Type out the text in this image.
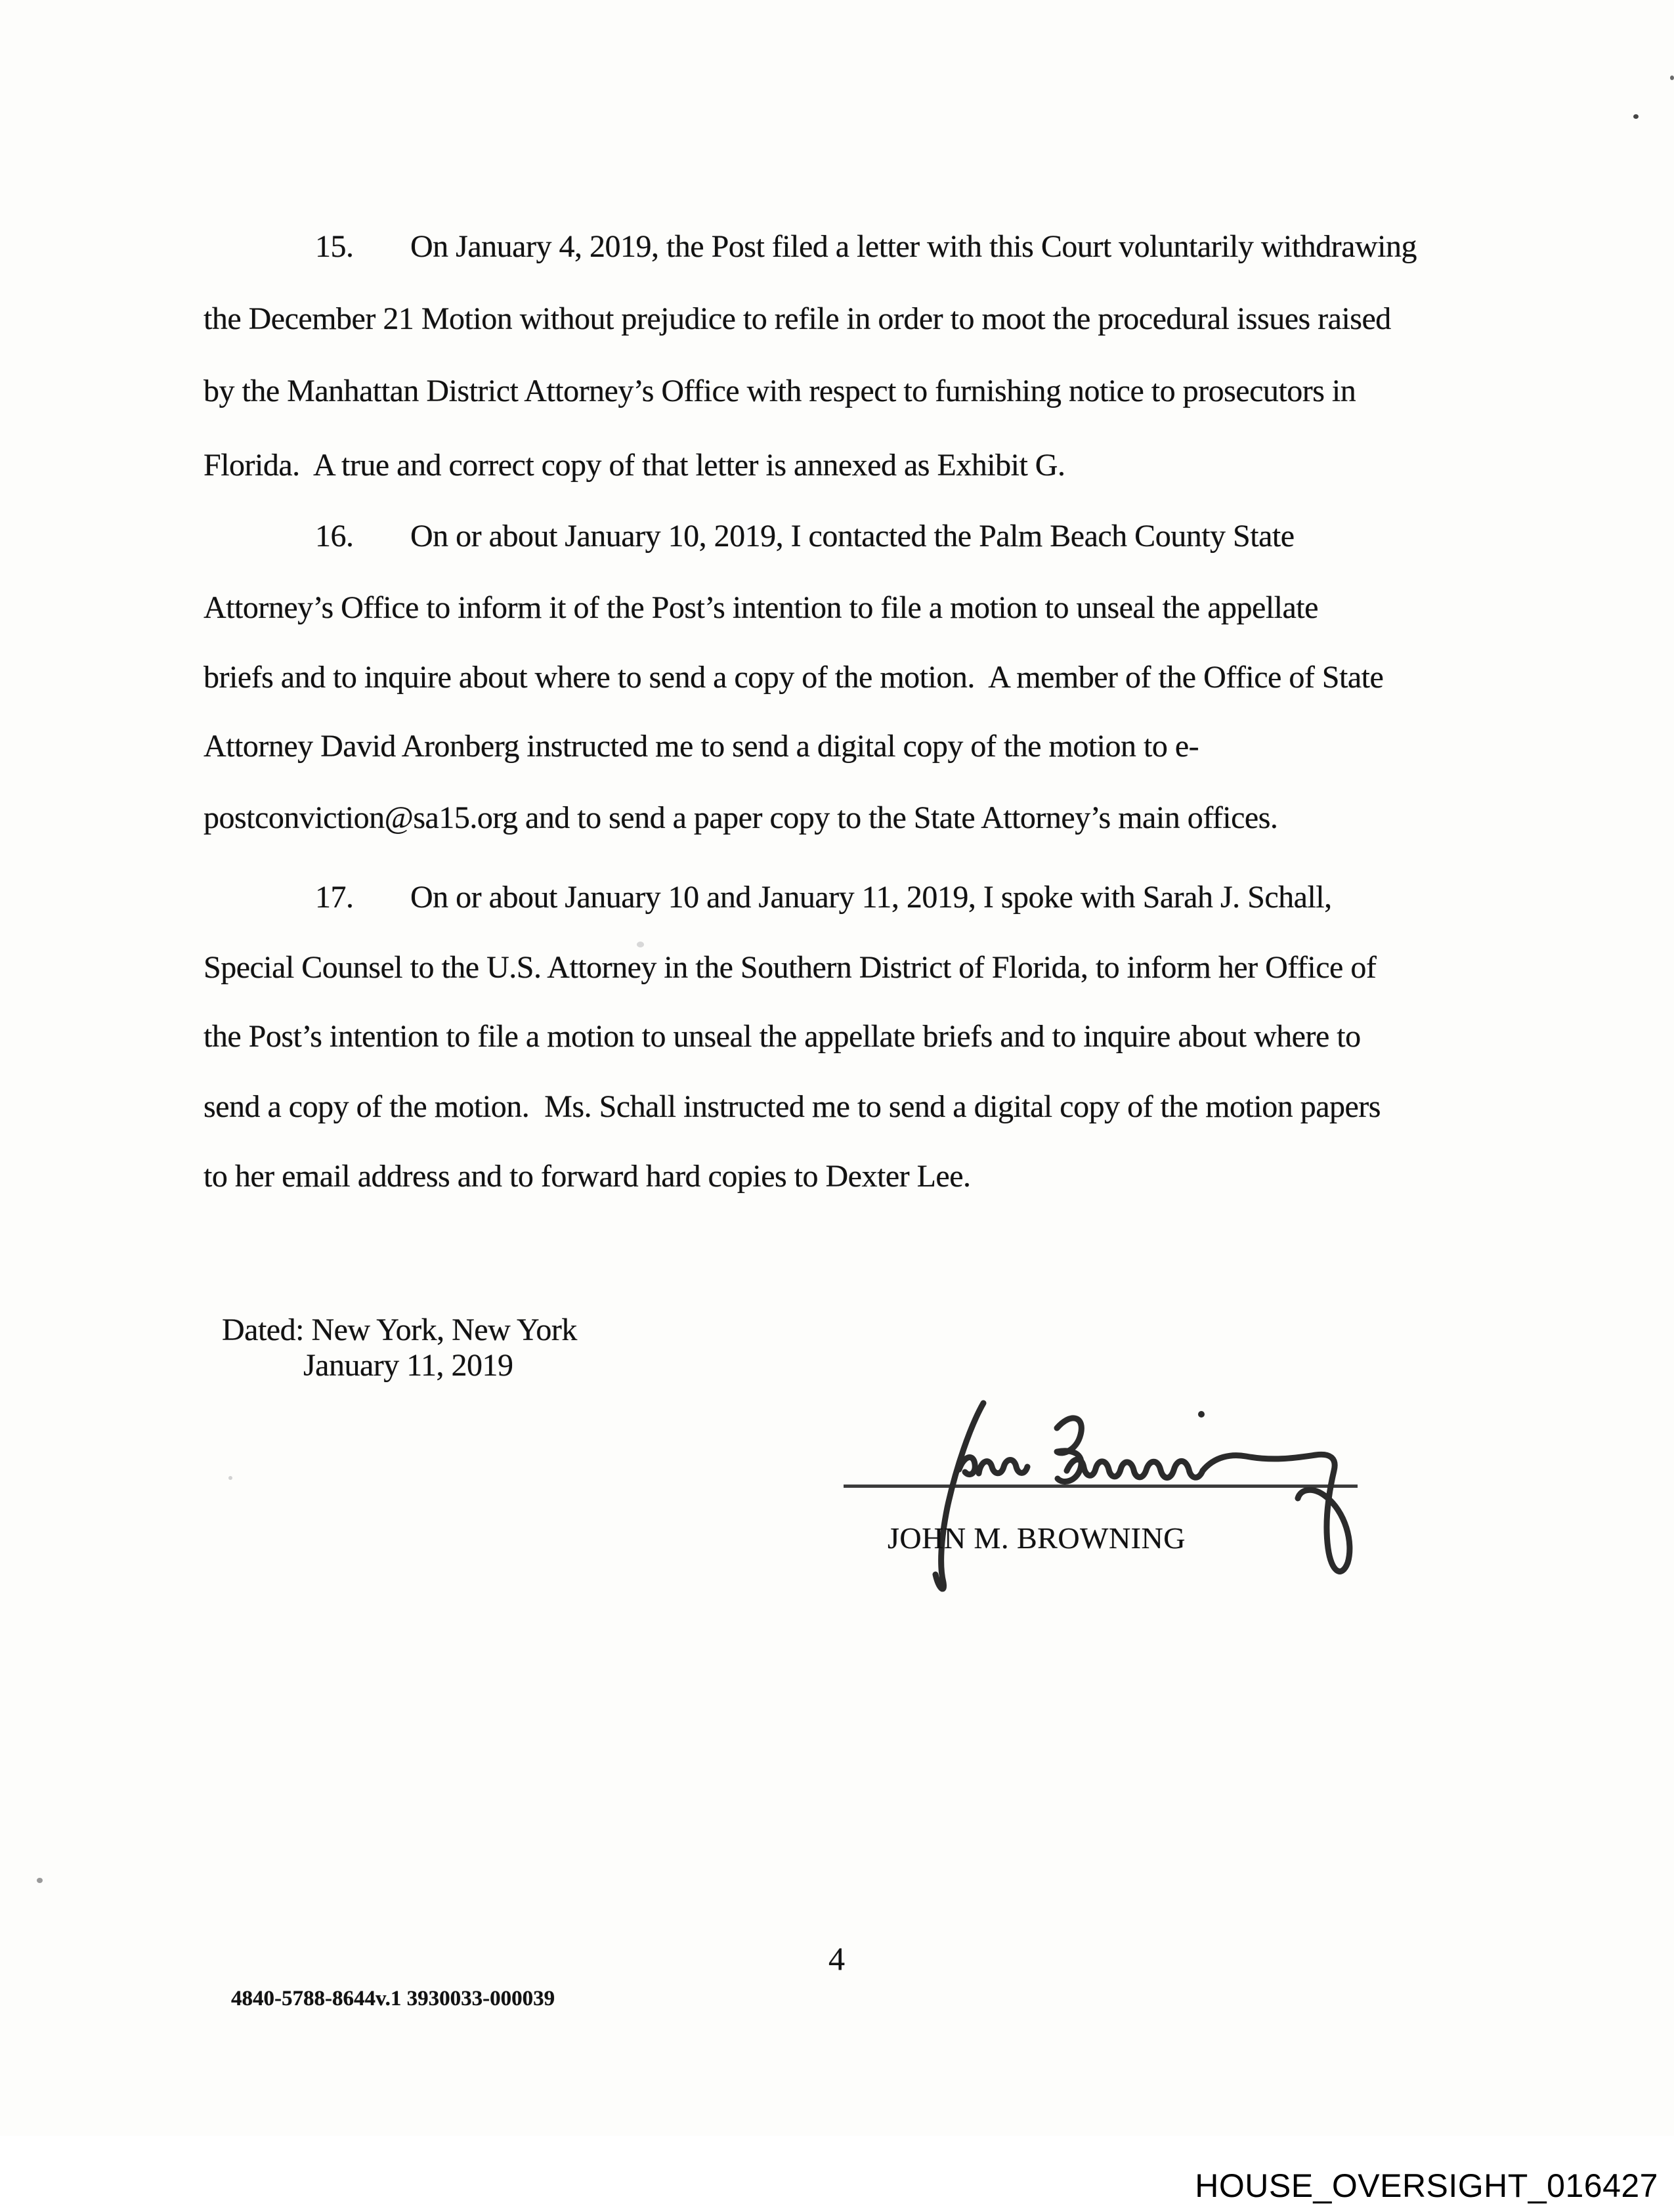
15. On January 4, 2019, the Post filed a letter with this Court voluntarily withdrawing
the December 21 Motion without prejudice to refile in order to moot the procedural issues raised
by the Manhattan District Attorney’s Office with respect to furnishing notice to prosecutors in
Florida.  A true and correct copy of that letter is annexed as Exhibit G.
16. On or about January 10, 2019, I contacted the Palm Beach County State
Attorney’s Office to inform it of the Post’s intention to file a motion to unseal the appellate
briefs and to inquire about where to send a copy of the motion.  A member of the Office of State
Attorney David Aronberg instructed me to send a digital copy of the motion to e-
postconviction@sa15.org and to send a paper copy to the State Attorney’s main offices.
17. On or about January 10 and January 11, 2019, I spoke with Sarah J. Schall,
Special Counsel to the U.S. Attorney in the Southern District of Florida, to inform her Office of
the Post’s intention to file a motion to unseal the appellate briefs and to inquire about where to
send a copy of the motion.  Ms. Schall instructed me to send a digital copy of the motion papers
to her email address and to forward hard copies to Dexter Lee.
Dated: New York, New York
January 11, 2019
JOHN M. BROWNING
4
4840-5788-8644v.1 3930033-000039
HOUSE_OVERSIGHT_016427
